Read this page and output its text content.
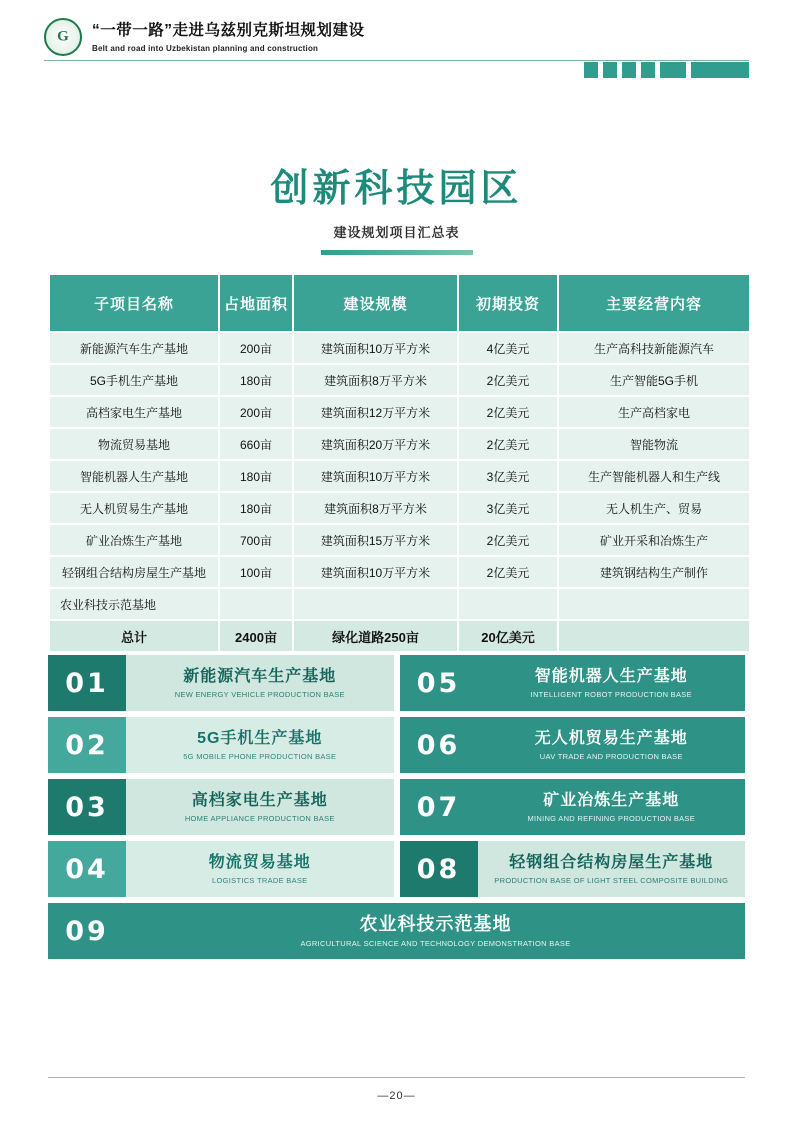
G
“一带一路”走进乌兹别克斯坦规划建设
Belt and road into Uzbekistan planning and construction
创新科技园区
建设规划项目汇总表
子项目名称	占地面积	建设规模	初期投资	主要经营内容
新能源汽车生产基地	200亩	建筑面积10万平方米	4亿美元	生产高科技新能源汽车
5G手机生产基地	180亩	建筑面积8万平方米	2亿美元	生产智能5G手机
高档家电生产基地	200亩	建筑面积12万平方米	2亿美元	生产高档家电
物流贸易基地	660亩	建筑面积20万平方米	2亿美元	智能物流
智能机器人生产基地	180亩	建筑面积10万平方米	3亿美元	生产智能机器人和生产线
无人机贸易生产基地	180亩	建筑面积8万平方米	3亿美元	无人机生产、贸易
矿业冶炼生产基地	700亩	建筑面积15万平方米	2亿美元	矿业开采和冶炼生产
轻钢组合结构房屋生产基地	100亩	建筑面积10万平方米	2亿美元	建筑钢结构生产制作
农业科技示范基地				
总计	2400亩	绿化道路250亩	20亿美元	
01	新能源汽车生产基地
NEW ENERGY VEHICLE PRODUCTION BASE	05	智能机器人生产基地
INTELLIGENT ROBOT PRODUCTION BASE
02	5G手机生产基地
5G MOBILE PHONE PRODUCTION BASE	06	无人机贸易生产基地
UAV TRADE AND PRODUCTION BASE
03	高档家电生产基地
HOME APPLIANCE PRODUCTION BASE	07	矿业冶炼生产基地
MINING AND REFINING PRODUCTION BASE
04	物流贸易基地
LOGISTICS TRADE BASE	08	轻钢组合结构房屋生产基地
PRODUCTION BASE OF LIGHT STEEL COMPOSITE BUILDING
09	农业科技示范基地
AGRICULTURAL SCIENCE AND TECHNOLOGY DEMONSTRATION BASE
—20—
